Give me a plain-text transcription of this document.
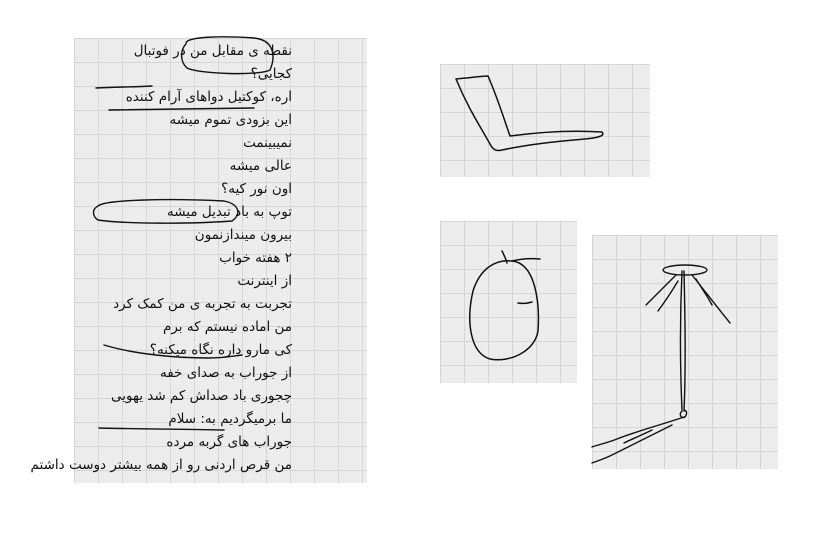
نقطه ی مقابل من در فوتبال
کجایی؟
اره، کوکتیل دواهای آرام کننده
این بزودی تموم میشه
نمیبینمت
عالی میشه
اون نور کیه؟
توپ به باد تبدیل میشه
بیرون میندازنمون
۲ هفته خواب
از اینترنت
تجربت به تجربه ی من کمک کرد
من اماده نیستم که برم
کی مارو داره نگاه میکنه؟
از جوراب به صدای خفه
چجوری باد صداش کم شد یهویی
ما برمیگردیم به: سلام
جوراب های گربه مرده
من قرص اردنی رو از همه بیشتر دوست داشتم
